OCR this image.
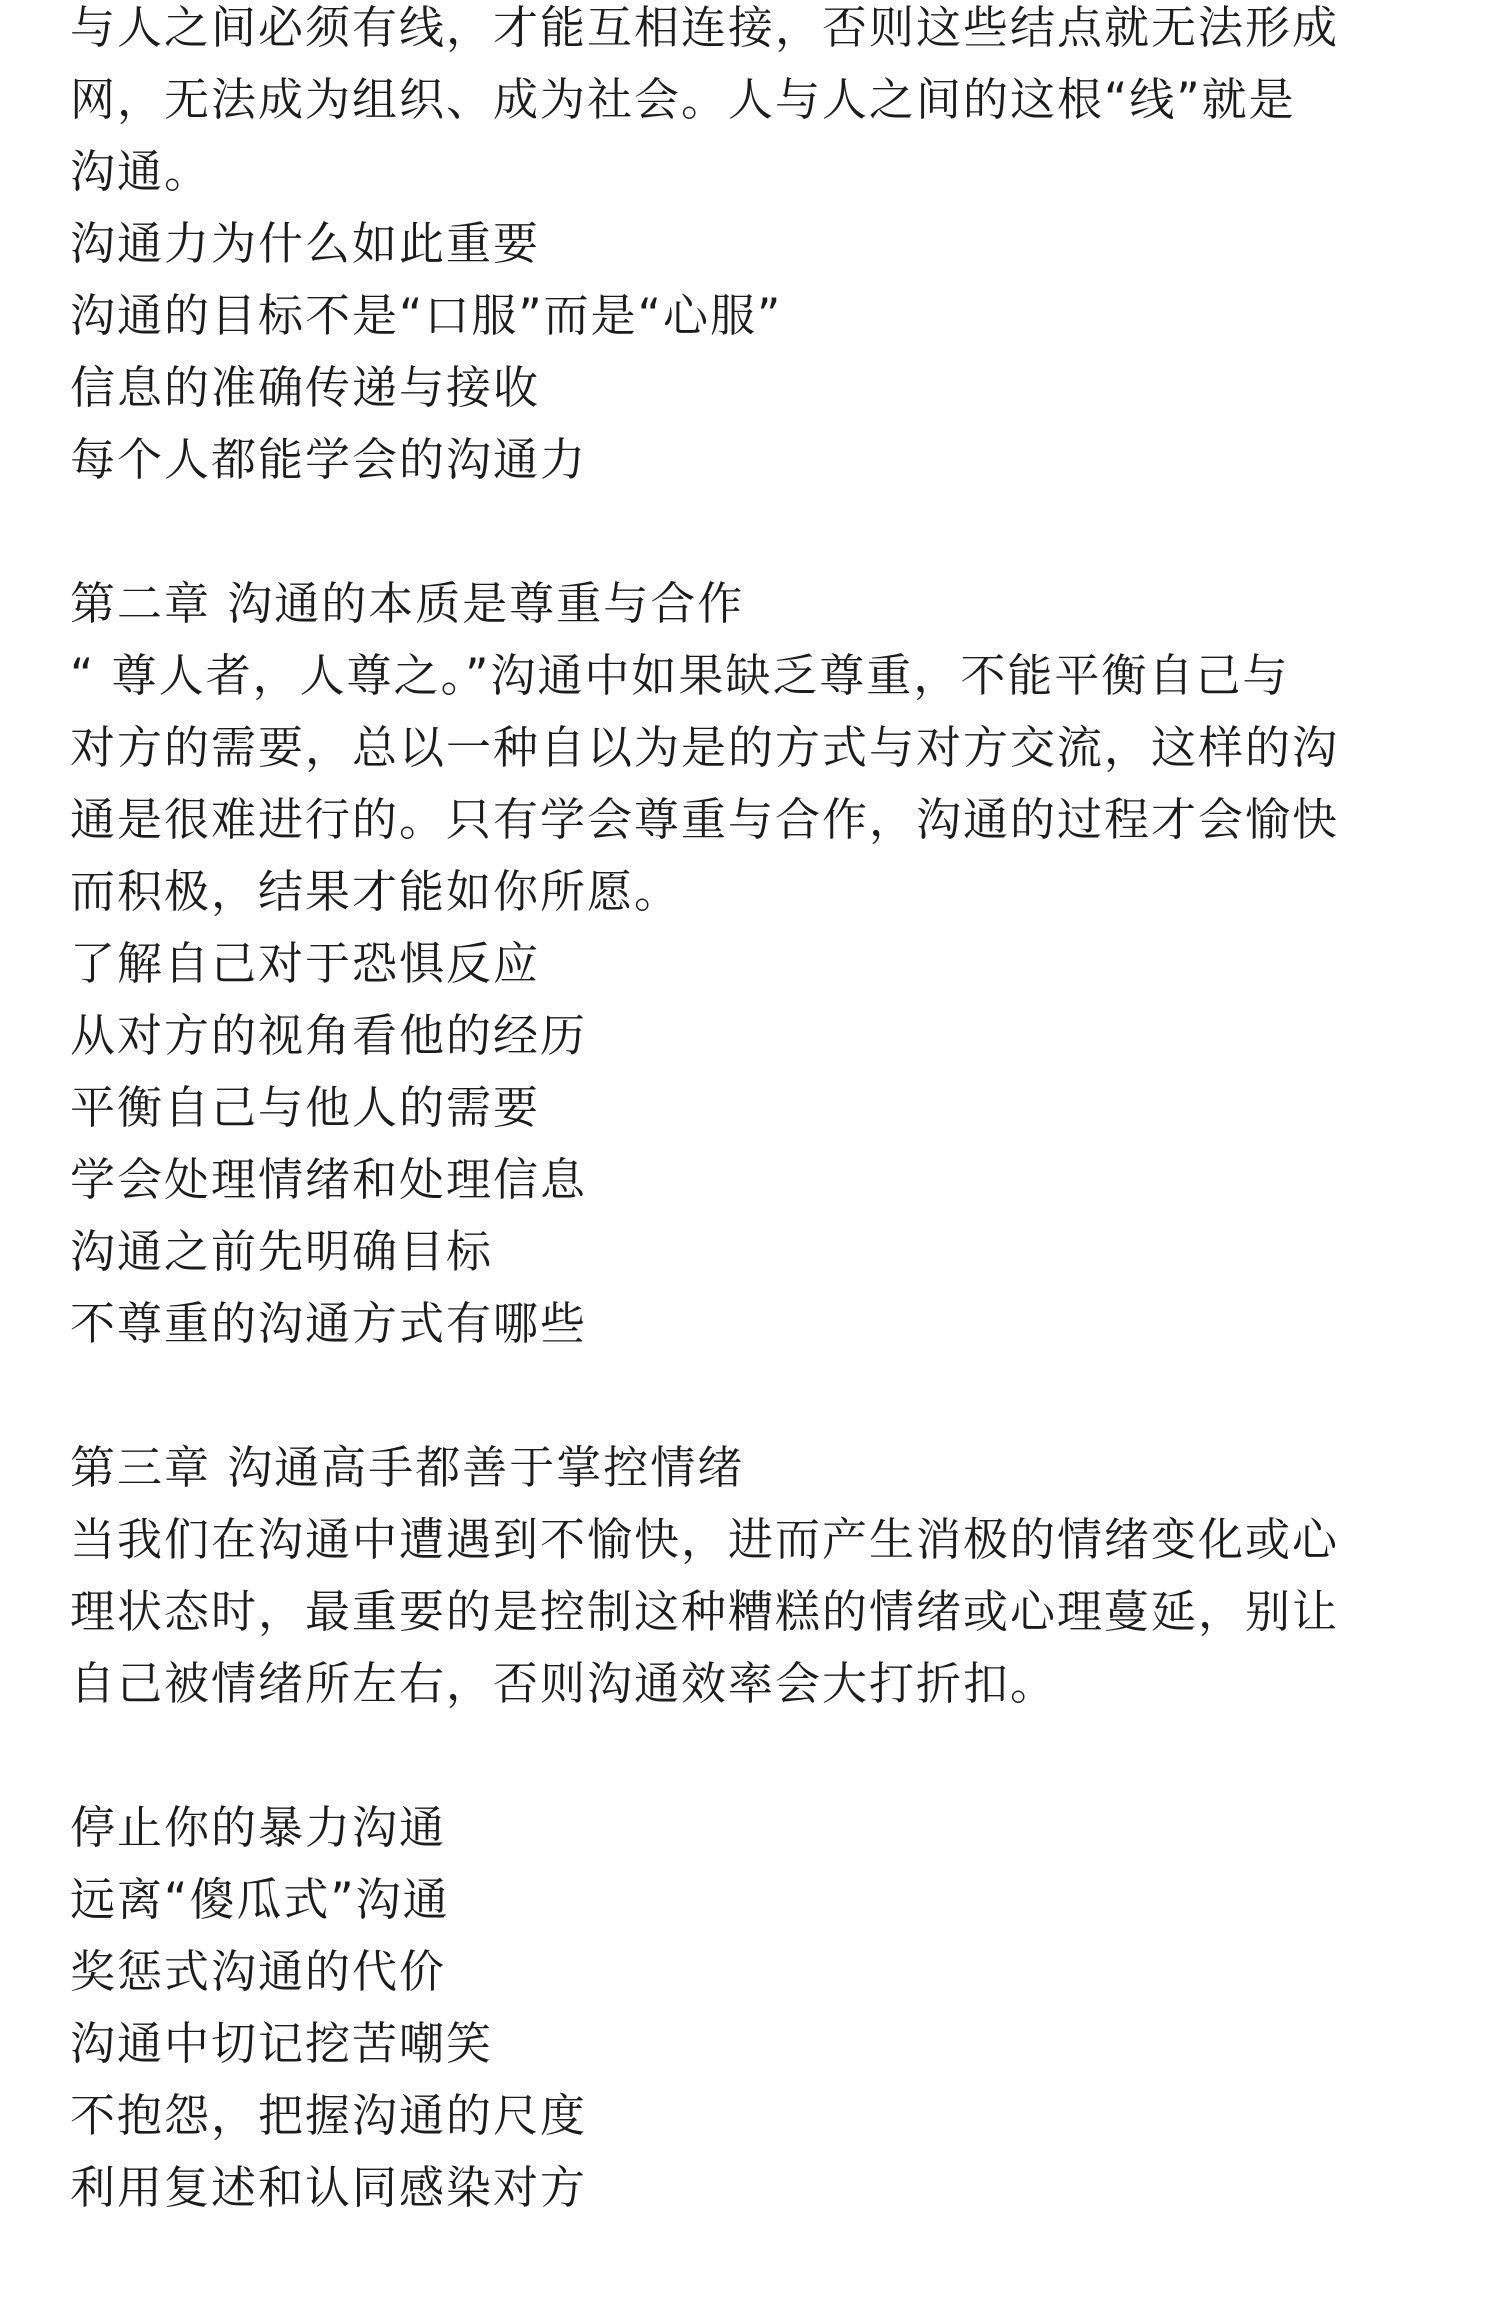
与人之间必须有线，才能互相连接，否则这些结点就无法形成
网，无法成为组织、成为社会。人与人之间的这根“线”就是
沟通。
沟通力为什么如此重要
沟通的目标不是“口服”而是“心服”
信息的准确传递与接收
每个人都能学会的沟通力
第二章 沟通的本质是尊重与合作
“ 尊人者，人尊之。”沟通中如果缺乏尊重，不能平衡自己与
对方的需要，总以一种自以为是的方式与对方交流，这样的沟
通是很难进行的。只有学会尊重与合作，沟通的过程才会愉快
而积极，结果才能如你所愿。
了解自己对于恐惧反应
从对方的视角看他的经历
平衡自己与他人的需要
学会处理情绪和处理信息
沟通之前先明确目标
不尊重的沟通方式有哪些
第三章 沟通高手都善于掌控情绪
当我们在沟通中遭遇到不愉快，进而产生消极的情绪变化或心
理状态时，最重要的是控制这种糟糕的情绪或心理蔓延，别让
自己被情绪所左右，否则沟通效率会大打折扣。
停止你的暴力沟通
远离“傻瓜式”沟通
奖惩式沟通的代价
沟通中切记挖苦嘲笑
不抱怨，把握沟通的尺度
利用复述和认同感染对方
